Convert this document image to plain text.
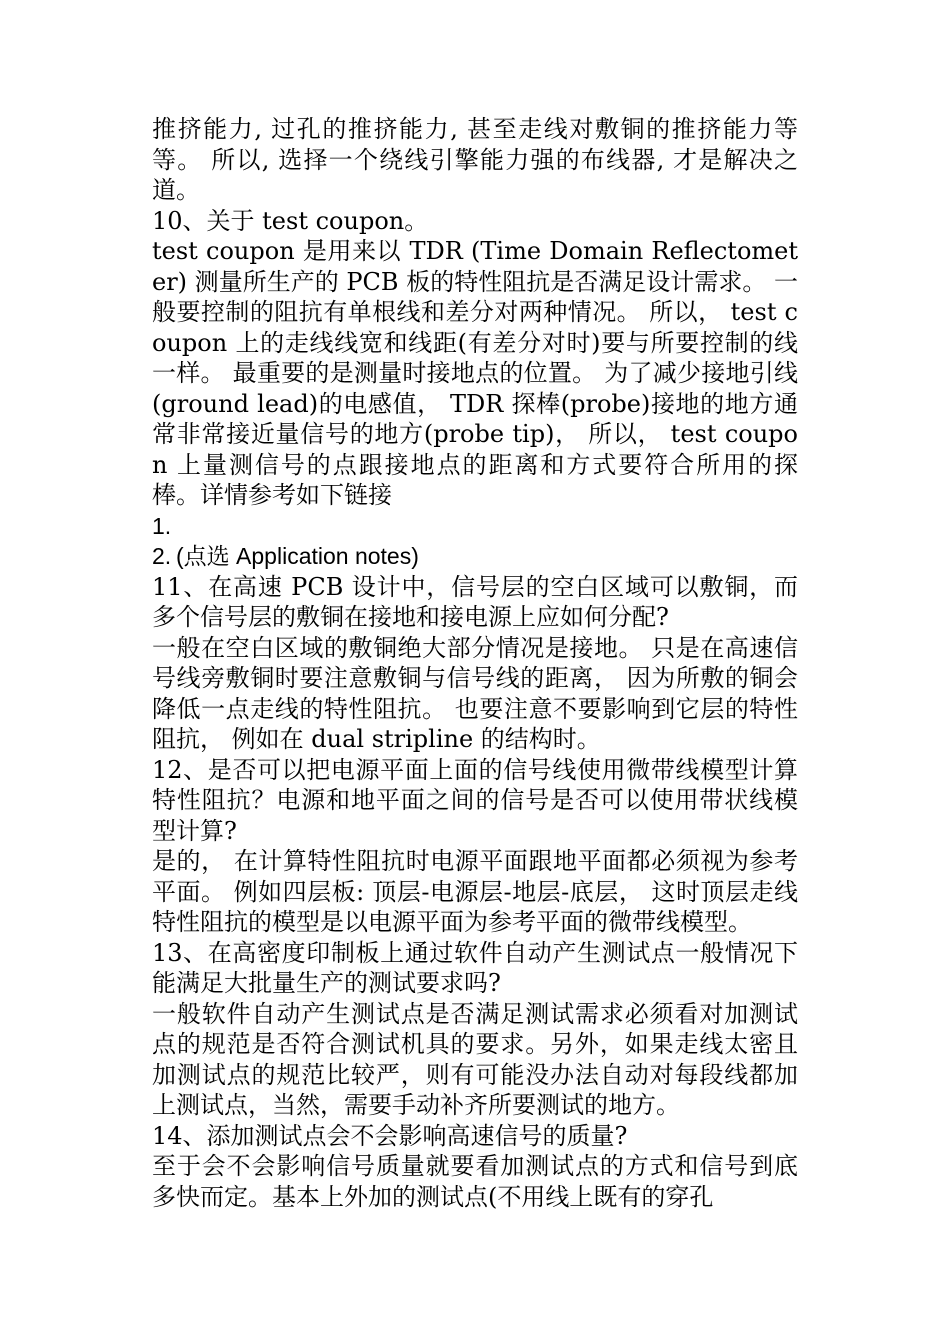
推挤能力, 过孔的推挤能力, 甚至走线对敷铜的推挤能力等等。 所以, 选择一个绕线引擎能力强的布线器, 才是解决之道。

10、关于 test coupon。

test coupon 是用来以 TDR (Time Domain Reflectometer) 测量所生产的 PCB 板的特性阻抗是否满足设计需求。 一般要控制的阻抗有单根线和差分对两种情况。 所以， test coupon 上的走线线宽和线距(有差分对时)要与所要控制的线一样。 最重要的是测量时接地点的位置。 为了减少接地引线(ground lead)的电感值， TDR 探棒(probe)接地的地方通常非常接近量信号的地方(probe tip)， 所以， test coupon 上量测信号的点跟接地点的距离和方式要符合所用的探棒。详情参考如下链接

1.
2. (点选 Application notes)

11、在高速 PCB 设计中，信号层的空白区域可以敷铜，而多个信号层的敷铜在接地和接电源上应如何分配?

一般在空白区域的敷铜绝大部分情况是接地。 只是在高速信号线旁敷铜时要注意敷铜与信号线的距离， 因为所敷的铜会降低一点走线的特性阻抗。 也要注意不要影响到它层的特性阻抗， 例如在 dual stripline 的结构时。

12、是否可以把电源平面上面的信号线使用微带线模型计算特性阻抗？电源和地平面之间的信号是否可以使用带状线模型计算?

是的， 在计算特性阻抗时电源平面跟地平面都必须视为参考平面。 例如四层板: 顶层-电源层-地层-底层， 这时顶层走线特性阻抗的模型是以电源平面为参考平面的微带线模型。

13、在高密度印制板上通过软件自动产生测试点一般情况下能满足大批量生产的测试要求吗?

一般软件自动产生测试点是否满足测试需求必须看对加测试点的规范是否符合测试机具的要求。另外，如果走线太密且加测试点的规范比较严，则有可能没办法自动对每段线都加上测试点，当然，需要手动补齐所要测试的地方。

14、添加测试点会不会影响高速信号的质量?

至于会不会影响信号质量就要看加测试点的方式和信号到底多快而定。基本上外加的测试点(不用线上既有的穿孔
